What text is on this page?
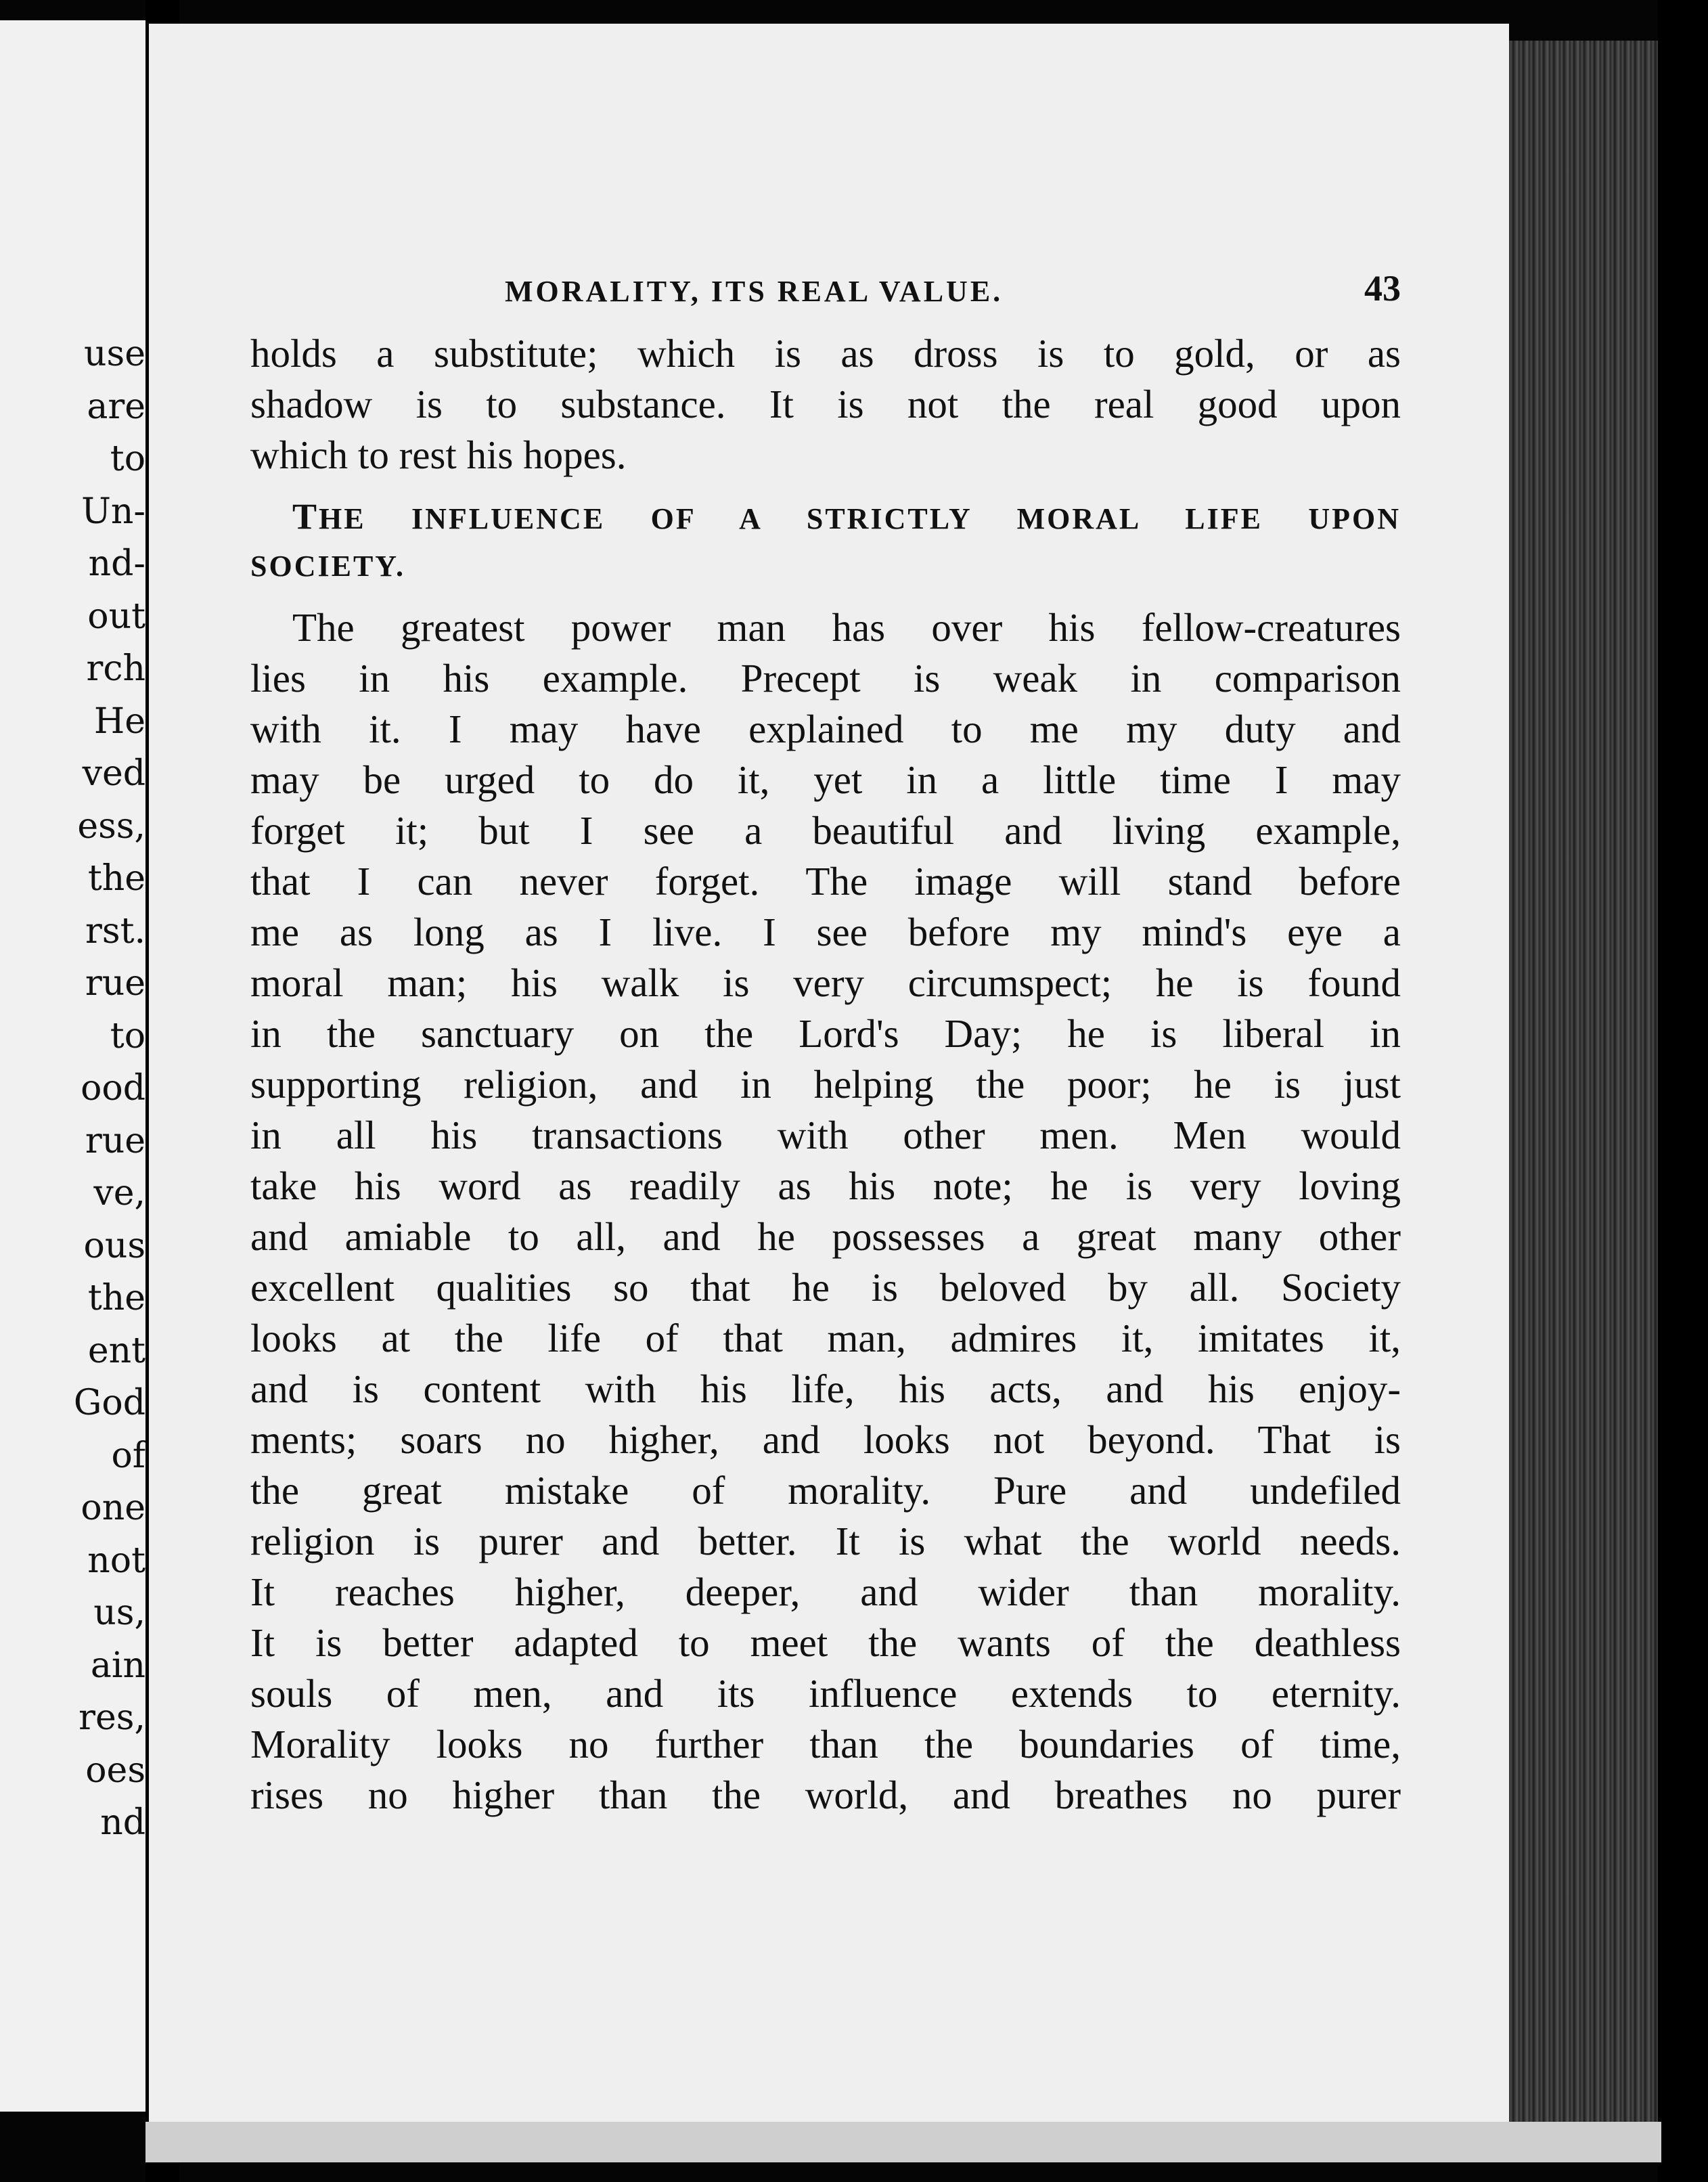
use
are
to
Un-
nd-
out
rch
He
ved
ess,
the
rst.
rue
to
ood
rue
ve,
ous
the
ent
God
of
one
not
us,
ain
res,
oes
nd
MORALITY, ITS REAL VALUE.	43
holds a substitute; which is as dross is to gold, or as
shadow is to substance. It is not the real good upon
which to rest his hopes.
THE INFLUENCE OF A STRICTLY MORAL LIFE UPON
SOCIETY.
The greatest power man has over his fellow-creatures
lies in his example. Precept is weak in comparison
with it. I may have explained to me my duty and
may be urged to do it, yet in a little time I may
forget it; but I see a beautiful and living example,
that I can never forget. The image will stand before
me as long as I live. I see before my mind's eye a
moral man; his walk is very circumspect; he is found
in the sanctuary on the Lord's Day; he is liberal in
supporting religion, and in helping the poor; he is just
in all his transactions with other men. Men would
take his word as readily as his note; he is very loving
and amiable to all, and he possesses a great many other
excellent qualities so that he is beloved by all. Society
looks at the life of that man, admires it, imitates it,
and is content with his life, his acts, and his enjoy-
ments; soars no higher, and looks not beyond. That is
the great mistake of morality. Pure and undefiled
religion is purer and better. It is what the world needs.
It reaches higher, deeper, and wider than morality.
It is better adapted to meet the wants of the deathless
souls of men, and its influence extends to eternity.
Morality looks no further than the boundaries of time,
rises no higher than the world, and breathes no purer
